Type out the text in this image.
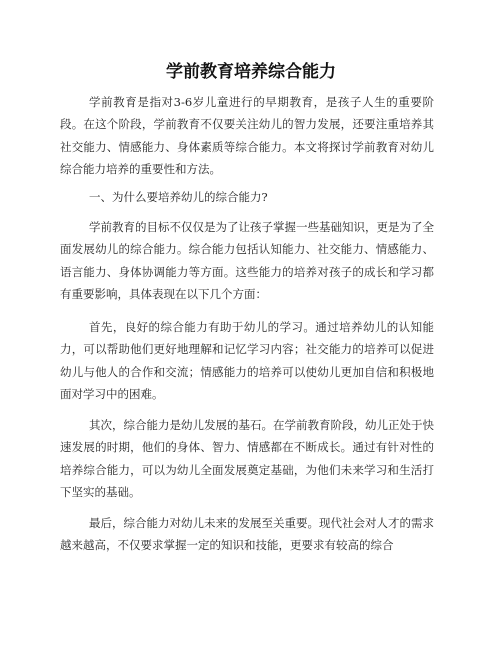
学前教育培养综合能力

学前教育是指对3-6岁儿童进行的早期教育，是孩子人生的重要阶段。在这个阶段，学前教育不仅要关注幼儿的智力发展，还要注重培养其社交能力、情感能力、身体素质等综合能力。本文将探讨学前教育对幼儿综合能力培养的重要性和方法。

一、为什么要培养幼儿的综合能力?

学前教育的目标不仅仅是为了让孩子掌握一些基础知识，更是为了全面发展幼儿的综合能力。综合能力包括认知能力、社交能力、情感能力、语言能力、身体协调能力等方面。这些能力的培养对孩子的成长和学习都有重要影响，具体表现在以下几个方面：

首先，良好的综合能力有助于幼儿的学习。通过培养幼儿的认知能力，可以帮助他们更好地理解和记忆学习内容；社交能力的培养可以促进幼儿与他人的合作和交流；情感能力的培养可以使幼儿更加自信和积极地面对学习中的困难。

其次，综合能力是幼儿发展的基石。在学前教育阶段，幼儿正处于快速发展的时期，他们的身体、智力、情感都在不断成长。通过有针对性的培养综合能力，可以为幼儿全面发展奠定基础，为他们未来学习和生活打下坚实的基础。

最后，综合能力对幼儿未来的发展至关重要。现代社会对人才的需求越来越高，不仅要求掌握一定的知识和技能，更要求有较高的综合
